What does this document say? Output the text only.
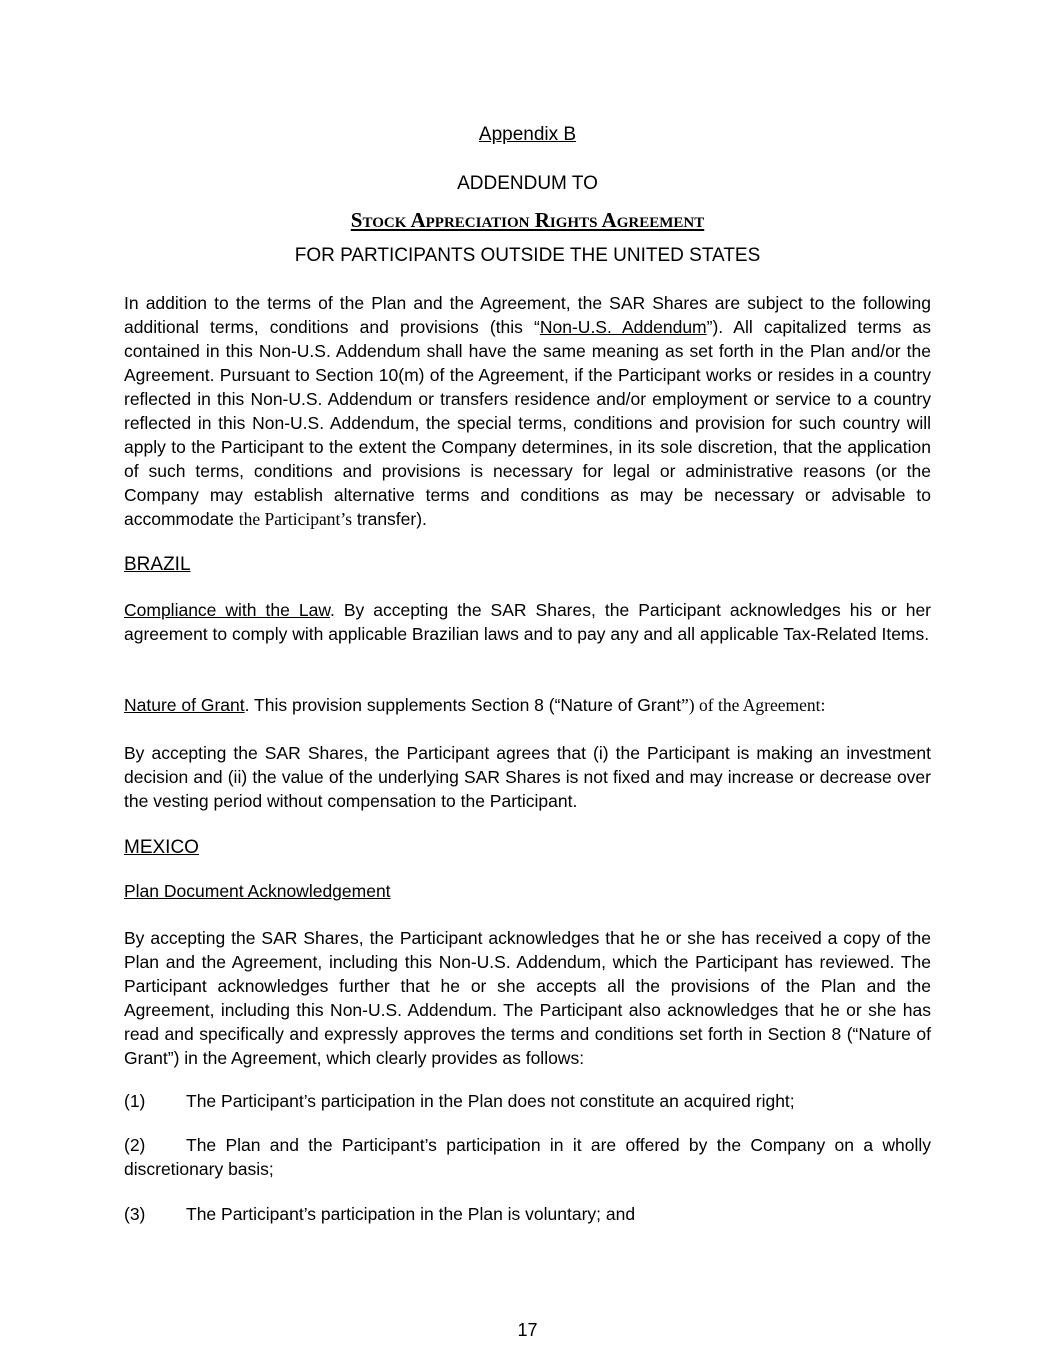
Appendix B
ADDENDUM TO
Stock Appreciation Rights Agreement
FOR PARTICIPANTS OUTSIDE THE UNITED STATES

In addition to the terms of the Plan and the Agreement, the SAR Shares are subject to the following additional terms, conditions and provisions (this “Non-U.S. Addendum”). All capitalized terms as contained in this Non-U.S. Addendum shall have the same meaning as set forth in the Plan and/or the Agreement. Pursuant to Section 10(m) of the Agreement, if the Participant works or resides in a country reflected in this Non-U.S. Addendum or transfers residence and/or employment or service to a country reflected in this Non-U.S. Addendum, the special terms, conditions and provision for such country will apply to the Participant to the extent the Company determines, in its sole discretion, that the application of such terms, conditions and provisions is necessary for legal or administrative reasons (or the Company may establish alternative terms and conditions as may be necessary or advisable to accommodate the Participant’s transfer).

BRAZIL

Compliance with the Law. By accepting the SAR Shares, the Participant acknowledges his or her agreement to comply with applicable Brazilian laws and to pay any and all applicable Tax-Related Items.

Nature of Grant. This provision supplements Section 8 (“Nature of Grant”) of the Agreement:

By accepting the SAR Shares, the Participant agrees that (i) the Participant is making an investment decision and (ii) the value of the underlying SAR Shares is not fixed and may increase or decrease over the vesting period without compensation to the Participant.

MEXICO

Plan Document Acknowledgement

By accepting the SAR Shares, the Participant acknowledges that he or she has received a copy of the Plan and the Agreement, including this Non-U.S. Addendum, which the Participant has reviewed. The Participant acknowledges further that he or she accepts all the provisions of the Plan and the Agreement, including this Non-U.S. Addendum. The Participant also acknowledges that he or she has read and specifically and expressly approves the terms and conditions set forth in Section 8 (“Nature of Grant”) in the Agreement, which clearly provides as follows:

(1) The Participant’s participation in the Plan does not constitute an acquired right;

(2) The Plan and the Participant’s participation in it are offered by the Company on a wholly discretionary basis;

(3) The Participant’s participation in the Plan is voluntary; and

17
